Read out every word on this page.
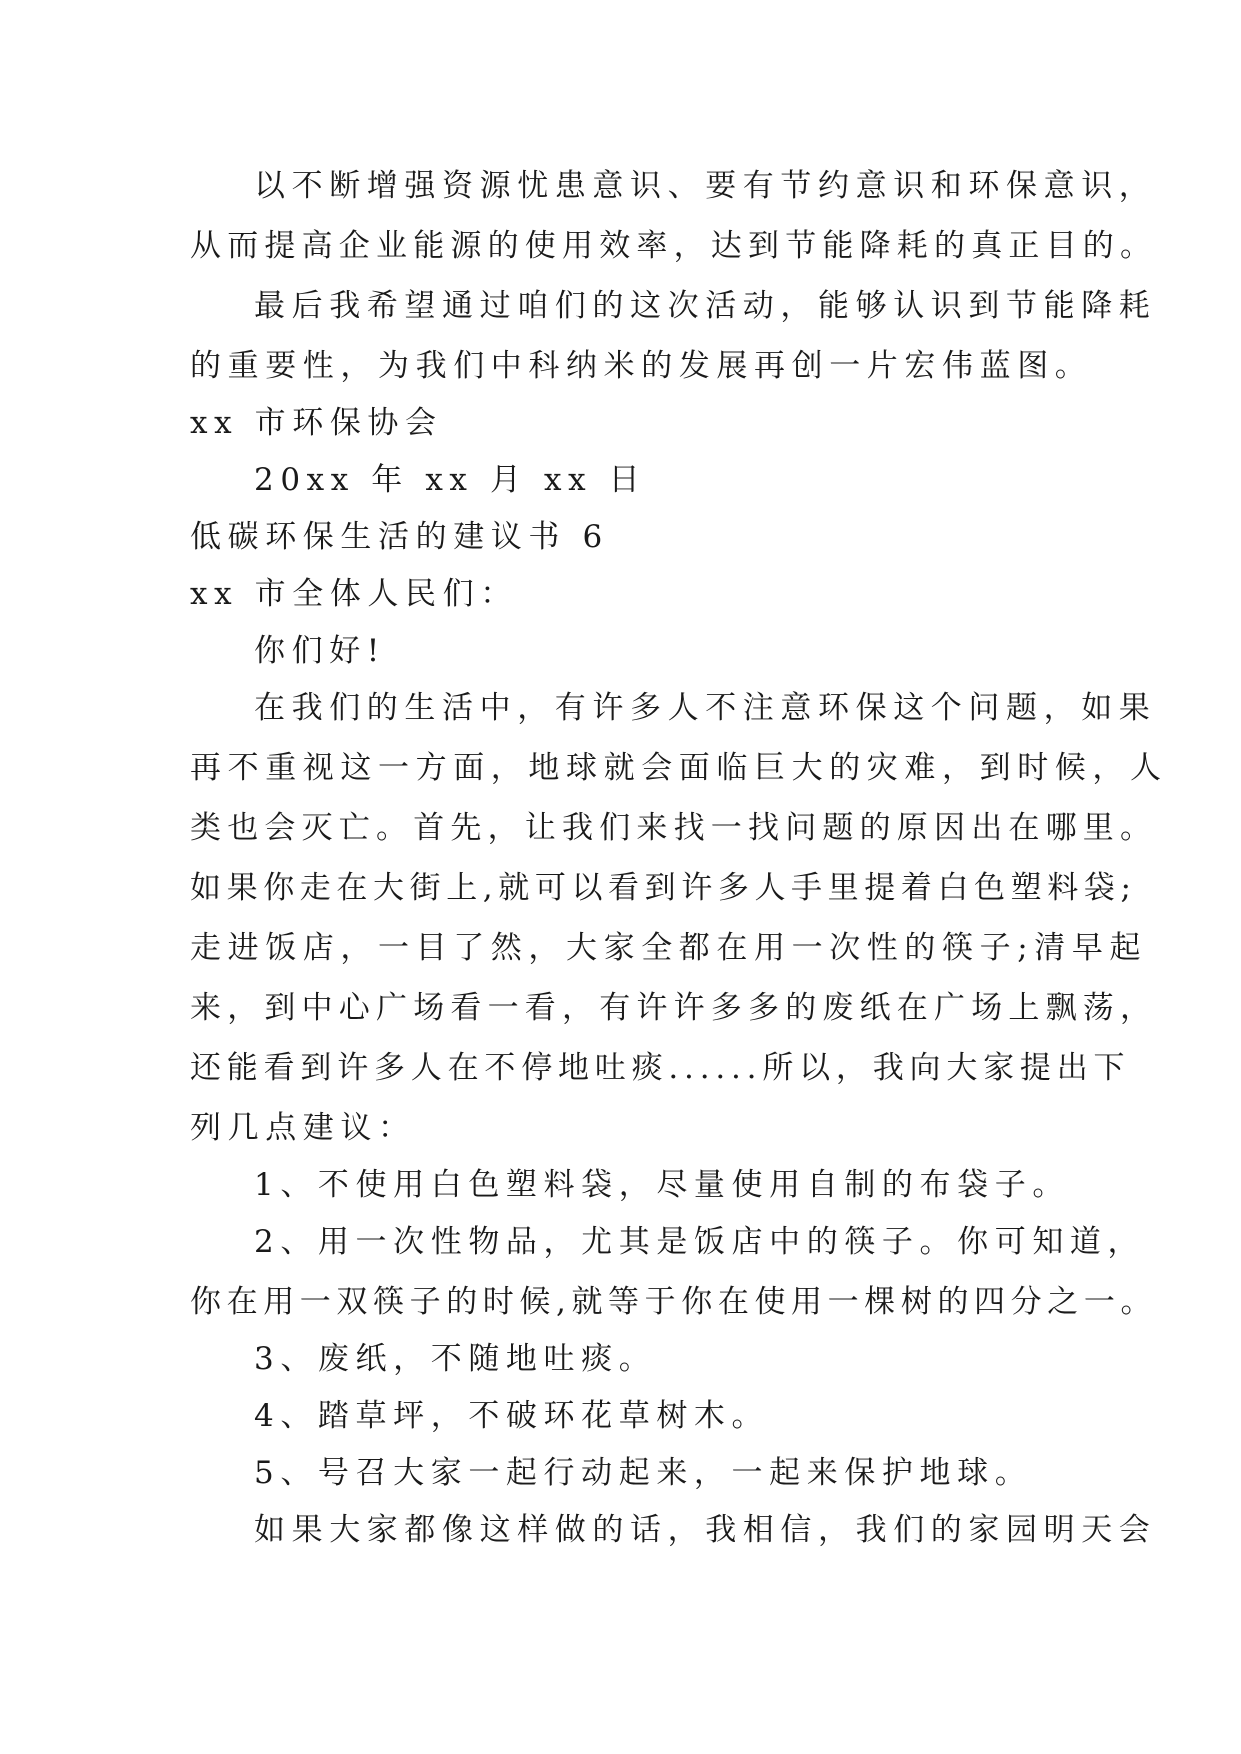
以不断增强资源忧患意识、要有节约意识和环保意识，
从而提高企业能源的使用效率，达到节能降耗的真正目的。
最后我希望通过咱们的这次活动，能够认识到节能降耗
的重要性，为我们中科纳米的发展再创一片宏伟蓝图。
xx 市环保协会
20xx 年 xx 月 xx 日
低碳环保生活的建议书 6
xx 市全体人民们：
你们好!
在我们的生活中，有许多人不注意环保这个问题，如果
再不重视这一方面，地球就会面临巨大的灾难，到时候，人
类也会灭亡。首先，让我们来找一找问题的原因出在哪里。
如果你走在大街上,就可以看到许多人手里提着白色塑料袋;
走进饭店，一目了然，大家全都在用一次性的筷子;清早起
来，到中心广场看一看，有许许多多的废纸在广场上飘荡，
还能看到许多人在不停地吐痰......所以，我向大家提出下
列几点建议：
1、不使用白色塑料袋，尽量使用自制的布袋子。
2、用一次性物品，尤其是饭店中的筷子。你可知道，
你在用一双筷子的时候,就等于你在使用一棵树的四分之一。
3、废纸，不随地吐痰。
4、踏草坪，不破环花草树木。
5、号召大家一起行动起来，一起来保护地球。
如果大家都像这样做的话，我相信，我们的家园明天会
